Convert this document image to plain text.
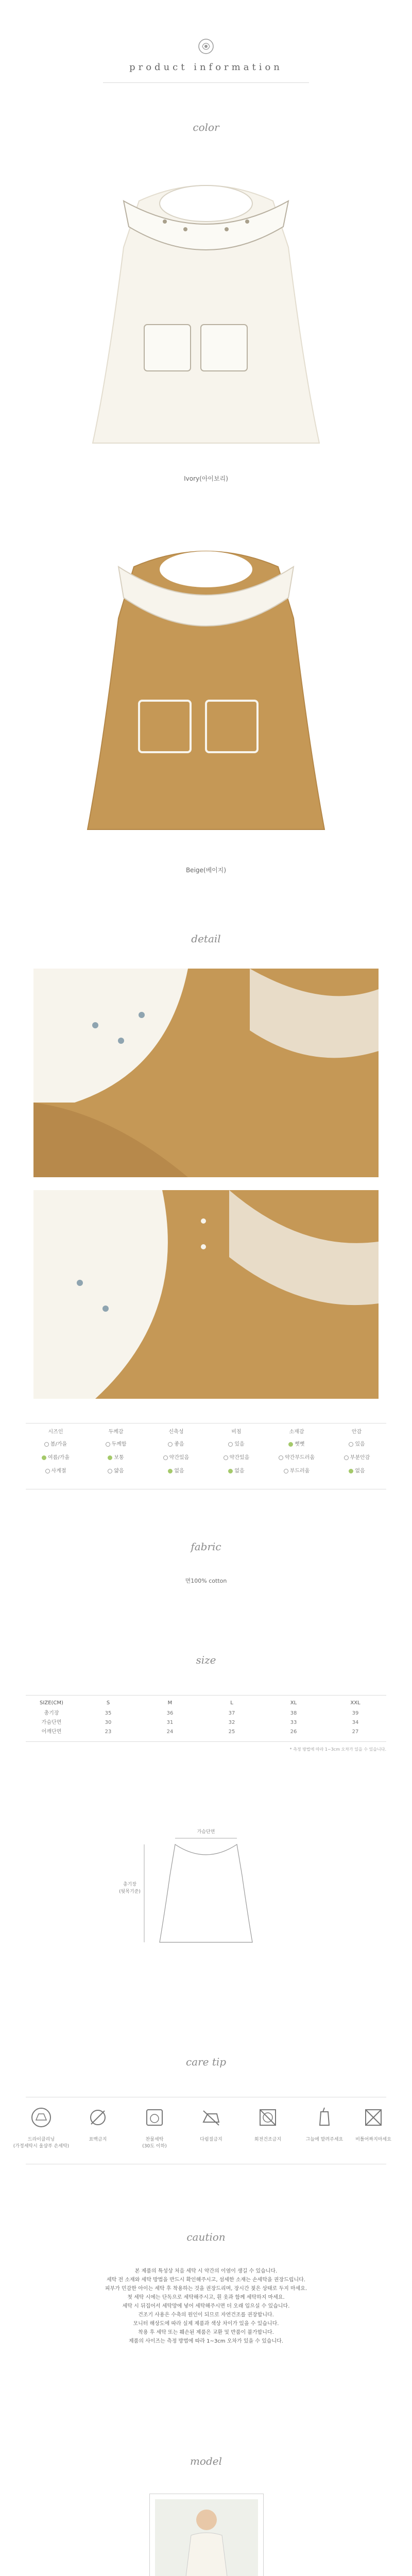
product information
color
Ivory(아이보리)
Beige(베이지)
detail
시즈인	두께감	신축성	비침	소재감	안감
봄/가을	두께함	좋음	있음	뻣뻣	있음
여름/가을	보통	약간있음	약간있음	약간부드러움	부분안감
사계절	얇음	없음	없음	부드러움	없음
fabric
면100% cotton
size
SIZE(CM)	S	M	L	XL	XXL
총기장	35	36	37	38	39
가슴단면	30	31	32	33	34
어깨단면	23	24	25	26	27
* 측정 방법에 따라 1~3cm 오차가 있을 수 있습니다.
총기장
(뒷목기준)
가슴단면
care tip
드라이클리닝
(가정세탁시 울샴푸 손세탁)
표백금지	찬물세탁
(30도 이하)
다림질금지	회전건조금지	그늘에 말려주세요	비틀어짜지마세요
caution
본 제품의 특성상 처음 세탁 시 약간의 이염이 생길 수 있습니다.
세탁 전 소재와 세탁 방법을 반드시 확인해주시고, 섬세한 소재는 손세탁을 권장드립니다.
피부가 민감한 아이는 세탁 후 착용하는 것을 권장드리며, 장시간 젖은 상태로 두지 마세요.
첫 세탁 시에는 단독으로 세탁해주시고, 흰 옷과 함께 세탁하지 마세요.
세탁 시 뒤집어서 세탁망에 넣어 세탁해주시면 더 오래 입으실 수 있습니다.
건조기 사용은 수축의 원인이 되므로 자연건조를 권장합니다.
모니터 해상도에 따라 실제 제품과 색상 차이가 있을 수 있습니다.
착용 후 세탁 또는 훼손된 제품은 교환 및 반품이 불가합니다.
제품의 사이즈는 측정 방법에 따라 1~3cm 오차가 있을 수 있습니다.
model
